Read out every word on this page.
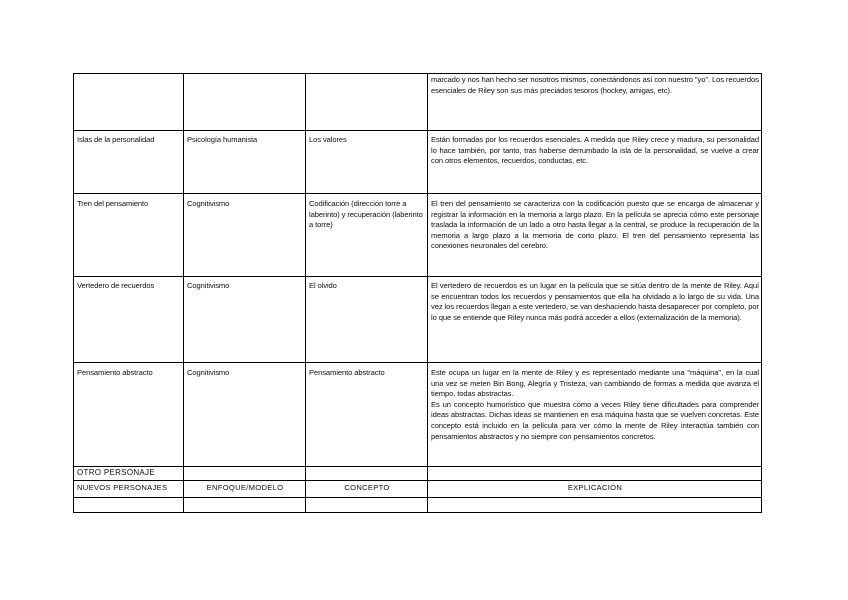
			marcado y nos han hecho ser nosotros mismos, conectándonos así con nuestro "yo". Los recuerdos esenciales de Riley son sus más preciados tesoros (hockey, amigas, etc).
Islas de la personalidad	Psicología humanista	Los valores	Están formadas por los recuerdos esenciales. A medida que Riley crece y madura, su personalidad lo hace también, por tanto, tras haberse derrumbado la isla de la personalidad, se vuelve a crear con otros elementos, recuerdos, conductas, etc.
Tren del pensamiento	Cognitivismo	Codificación (dirección torre a laberinto) y recuperación (laberinto a torre)	El tren del pensamiento se caracteriza con la codificación puesto que se encarga de almacenar y registrar la información en la memoria a largo plazo. En la película se aprecia cómo este personaje traslada la información de un lado a otro hasta llegar a la central, se produce la recuperación de la memoria a largo plazo a la memoria de corto plazo. El tren del pensamiento representa las conexiones neuronales del cerebro.
Vertedero de recuerdos	Cognitivismo	El olvido	El vertedero de recuerdos es un lugar en la película que se sitúa dentro de la mente de Riley. Aquí se encuentran todos los recuerdos y pensamientos que ella ha olvidado a lo largo de su vida. Una vez los recuerdos llegan a este vertedero, se van deshaciendo hasta desaparecer por completo, por lo que se entiende que Riley nunca más podrá acceder a ellos (externalización de la memoria).
Pensamiento abstracto	Cognitivismo	Pensamiento abstracto	Este ocupa un lugar en la mente de Riley y es representado mediante una "máquina", en la cual una vez se meten Bin Bong, Alegría y Tristeza, van cambiando de formas a medida que avanza el tiempo, todas abstractas.
Es un concepto humorístico que muestra cómo a veces Riley tiene dificultades para comprender ideas abstractas. Dichas ideas se mantienen en esa máquina hasta que se vuelven concretas. Este concepto está incluido en la película para ver cómo la mente de Riley interactúa también con pensamientos abstractos y no siempre con pensamientos concretos.

OTRO PERSONAJE			
NUEVOS PERSONAJES	ENFOQUE/MODELO	CONCEPTO	EXPLICACIÓN
